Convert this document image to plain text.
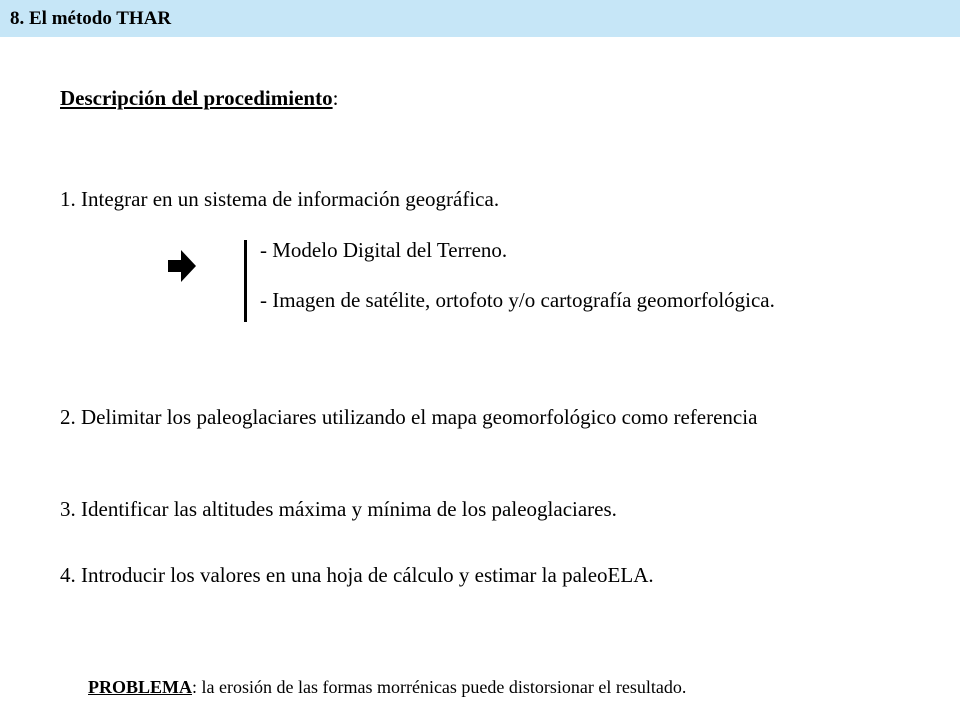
8. El método THAR
Descripción del procedimiento:
1. Integrar en un sistema de información geográfica.
- Modelo Digital del Terreno.
- Imagen de satélite, ortofoto y/o cartografía geomorfológica.
2. Delimitar los paleoglaciares utilizando el mapa geomorfológico como referencia
3. Identificar las altitudes máxima y mínima de los paleoglaciares.
4. Introducir los valores en una hoja de cálculo y estimar la paleoELA.
PROBLEMA: la erosión de las formas morrénicas puede distorsionar el resultado.
